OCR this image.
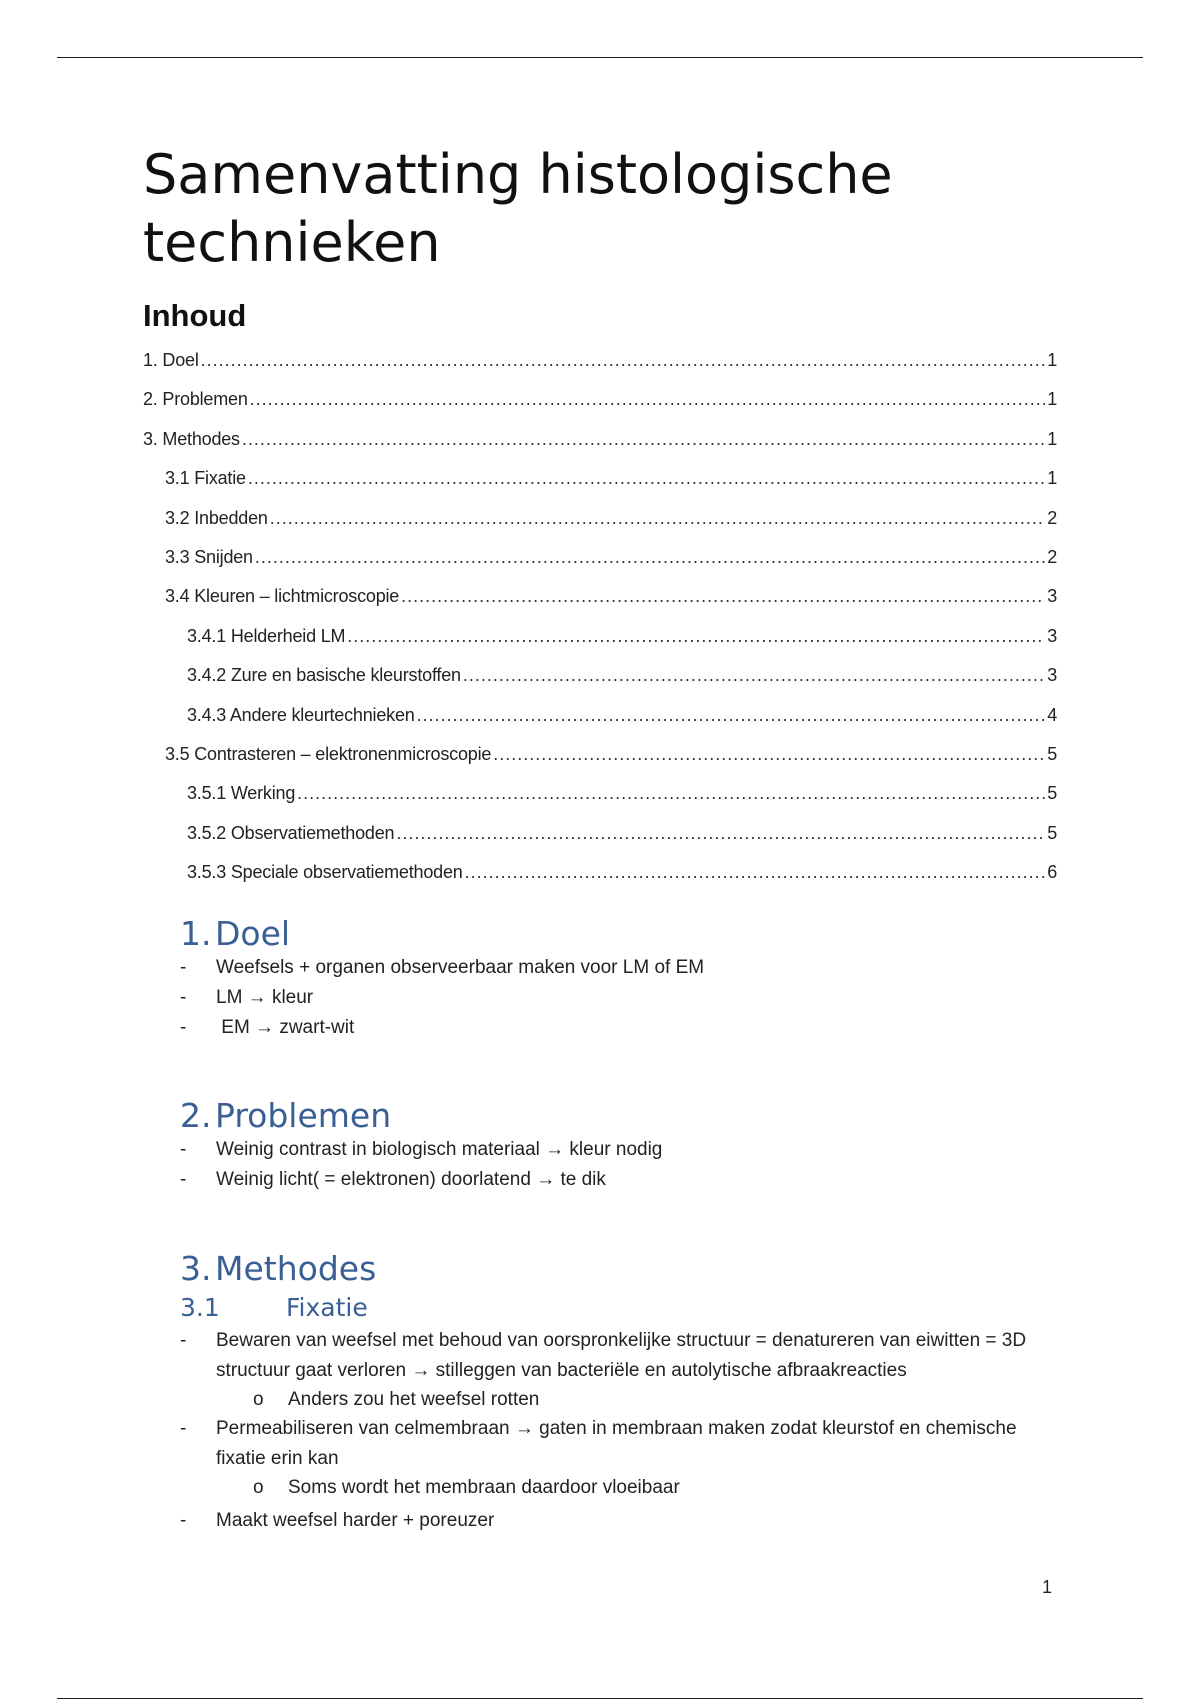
Samenvatting histologische technieken
Inhoud
1. Doel .....	1
2. Problemen .....	1
3. Methodes .....	1
3.1 Fixatie .....	1
3.2 Inbedden .....	2
3.3 Snijden .....	2
3.4 Kleuren – lichtmicroscopie .....	3
3.4.1 Helderheid LM .....	3
3.4.2 Zure en basische kleurstoffen .....	3
3.4.3 Andere kleurtechnieken .....	4
3.5 Contrasteren – elektronenmicroscopie .....	5
3.5.1 Werking .....	5
3.5.2 Observatiemethoden .....	5
3.5.3 Speciale observatiemethoden .....	6
1. Doel
-	Weefsels + organen observeerbaar maken voor LM of EM
-	LM → kleur
-	EM → zwart-wit
2. Problemen
-	Weinig contrast in biologisch materiaal → kleur nodig
-	Weinig licht( = elektronen) doorlatend → te dik
3. Methodes
3.1	Fixatie
-	Bewaren van weefsel met behoud van oorspronkelijke structuur = denatureren van eiwitten = 3D structuur gaat verloren → stilleggen van bacteriële en autolytische afbraakreacties
o	Anders zou het weefsel rotten
-	Permeabiliseren van celmembraan → gaten in membraan maken zodat kleurstof en chemische fixatie erin kan
o	Soms wordt het membraan daardoor vloeibaar
-	Maakt weefsel harder + poreuzer
1
